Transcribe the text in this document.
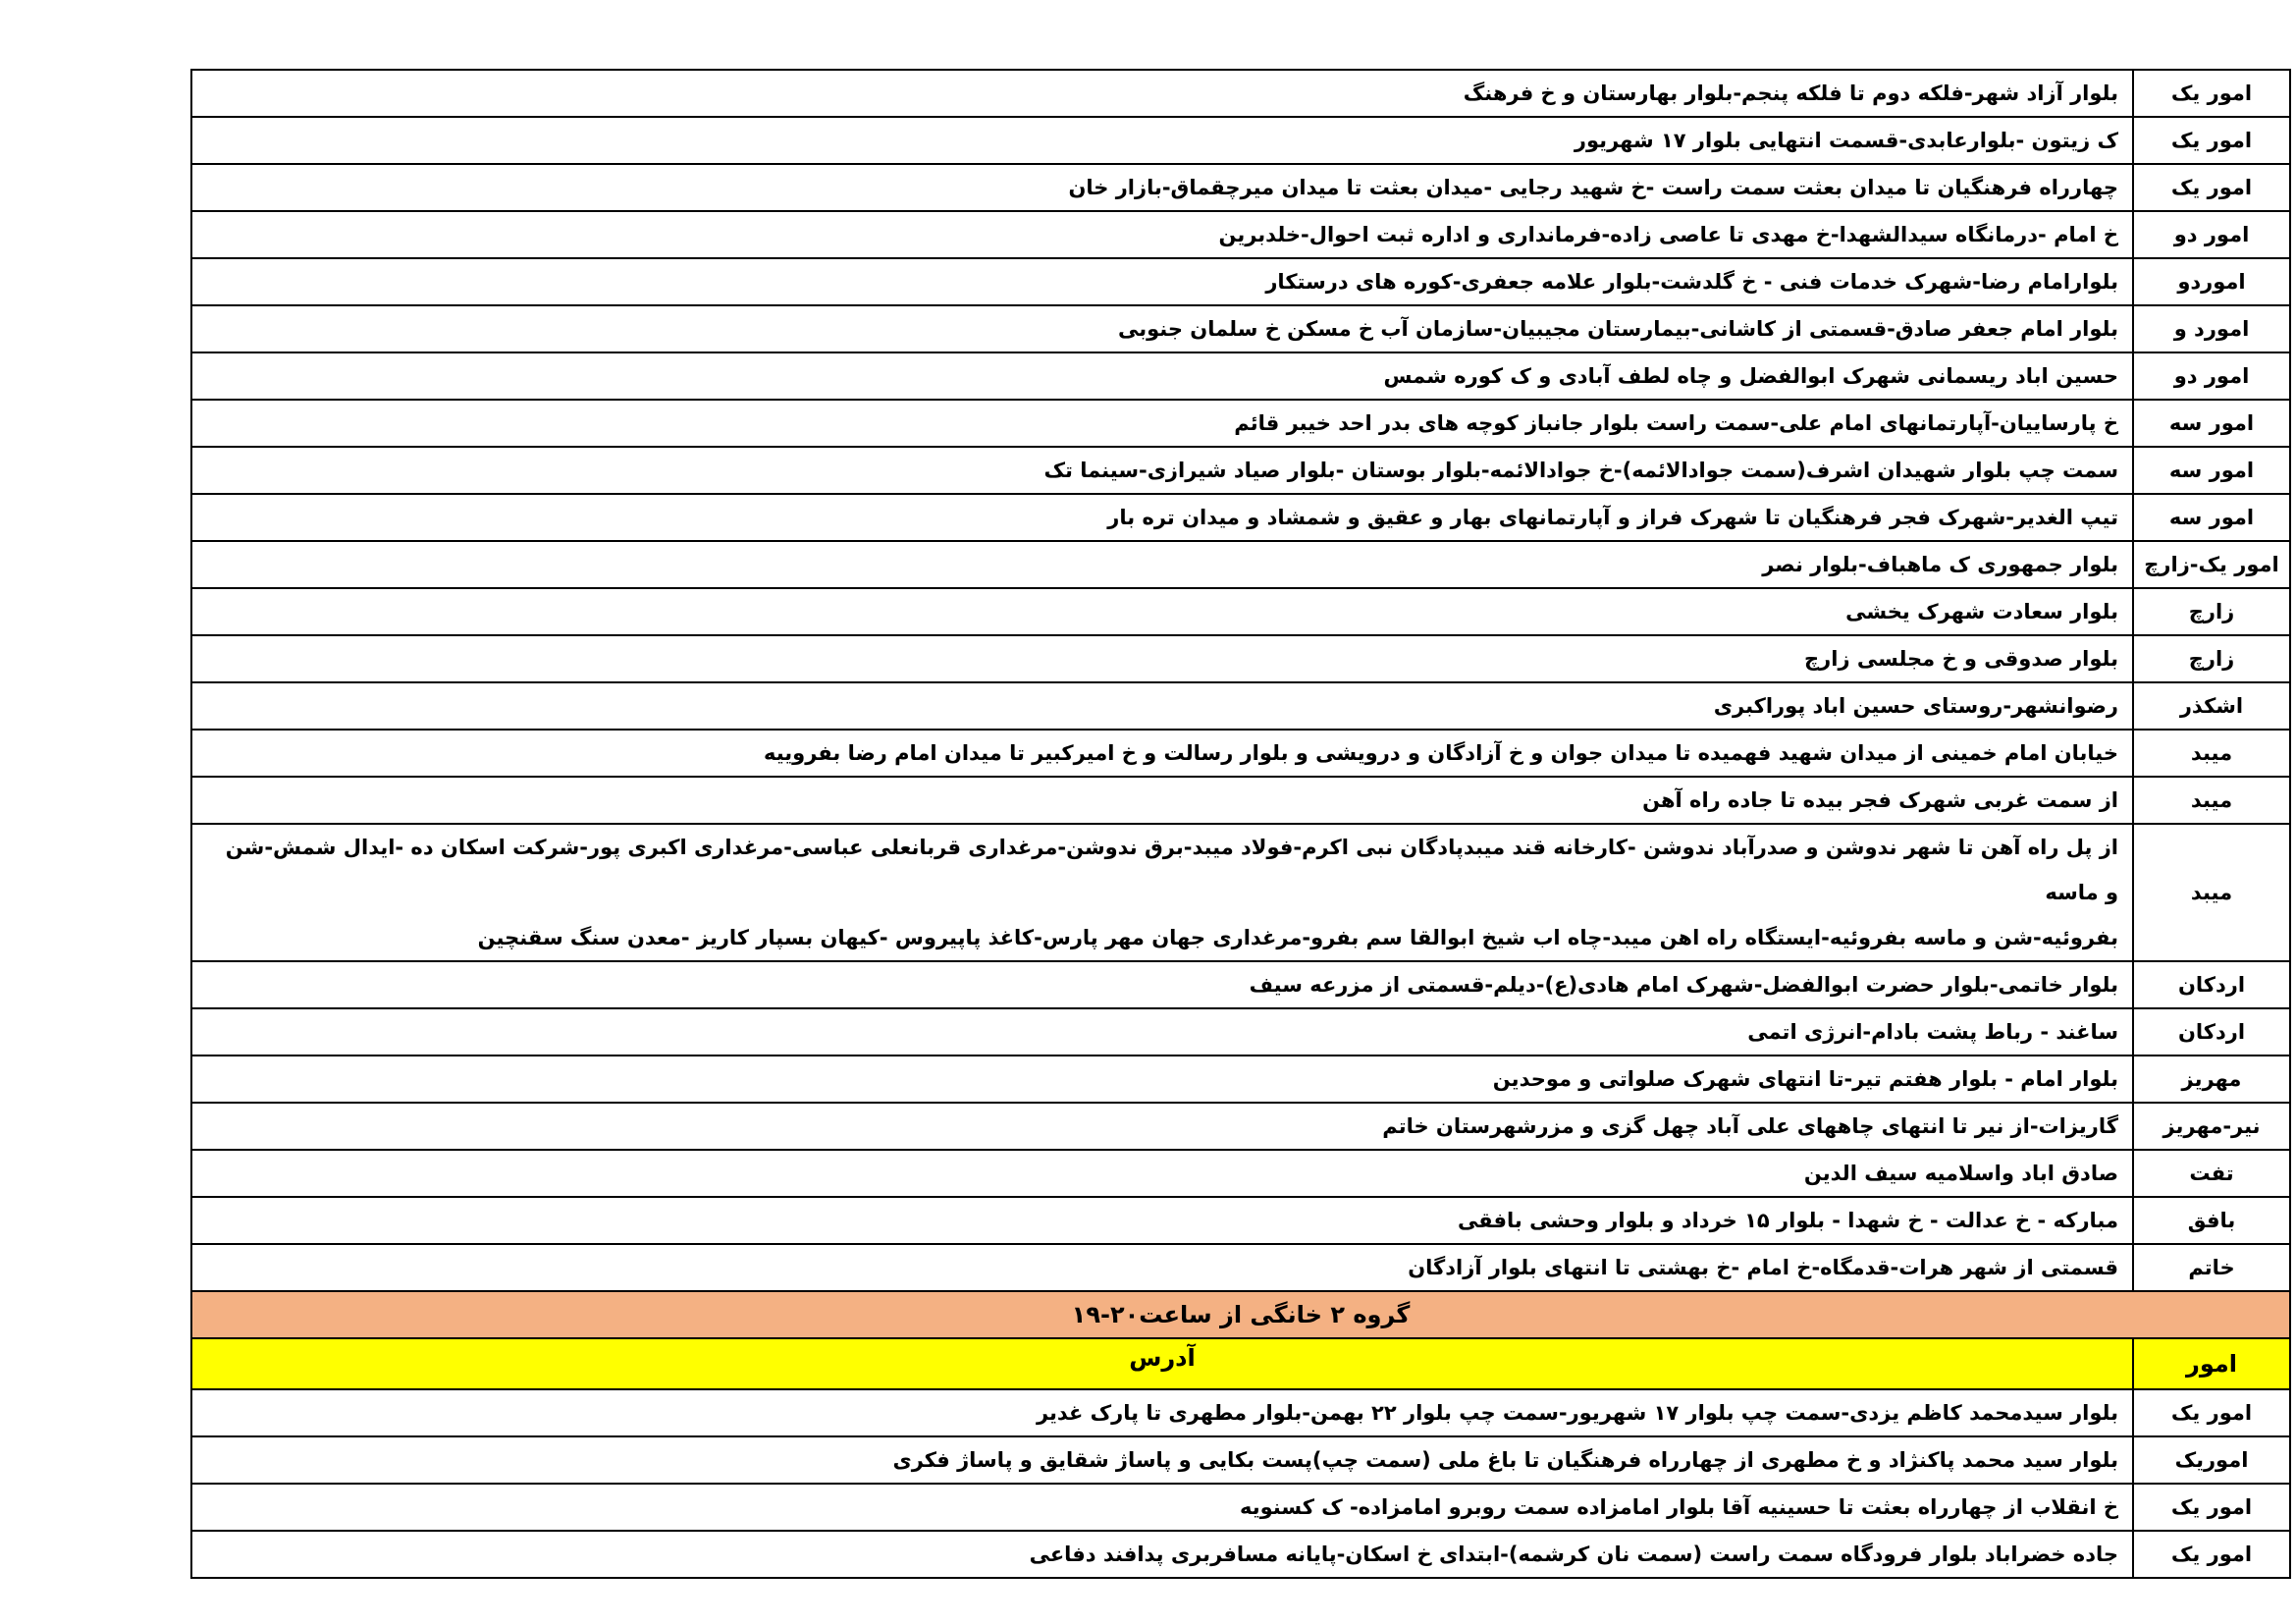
امور یک	بلوار آزاد شهر-فلکه دوم تا فلکه پنجم-بلوار بهارستان و خ فرهنگ
امور یک	ک زیتون -بلوارعابدی-قسمت انتهایی بلوار ۱۷ شهریور
امور یک	چهارراه فرهنگیان تا میدان بعثت سمت راست -خ شهید رجایی -میدان بعثت تا میدان میرچقماق-بازار خان
امور دو	خ امام -درمانگاه سیدالشهدا-خ مهدی تا عاصی زاده-فرمانداری و اداره ثبت احوال-خلدبرین
اموردو	بلوارامام رضا-شهرک خدمات فنی - خ گلدشت-بلوار علامه جعفری-کوره های درستکار
امورد و	بلوار امام جعفر صادق-قسمتی از کاشانی-بیمارستان مجیبیان-سازمان آب خ مسکن خ سلمان جنوبی
امور دو	حسین اباد ریسمانی شهرک ابوالفضل و چاه لطف آبادی و ک کوره شمس
امور سه	خ پارساییان-آپارتمانهای امام علی-سمت راست بلوار جانباز کوچه های بدر احد خیبر قائم
امور سه	سمت چپ بلوار شهیدان اشرف(سمت جوادالائمه)-خ جوادالائمه-بلوار بوستان -بلوار صیاد شیرازی-سینما تک
امور سه	تیپ الغدیر-شهرک فجر فرهنگیان تا شهرک فراز و آپارتمانهای بهار و عقیق و شمشاد و میدان تره بار
امور یک-زارچ	بلوار جمهوری ک ماهباف-بلوار نصر
زارچ	بلوار سعادت شهرک یخشی
زارچ	بلوار صدوقی و خ مجلسی زارچ
اشکذر	رضوانشهر-روستای حسین اباد پوراکبری
میبد	خیابان امام خمینی از میدان شهید فهمیده تا میدان جوان و خ آزادگان و درویشی و بلوار رسالت و خ امیرکبیر تا میدان امام رضا بفروییه
میبد	از سمت غربی شهرک فجر بیده تا جاده راه آهن
میبد	از پل راه آهن تا شهر ندوشن و صدرآباد ندوشن -کارخانه قند میبدپادگان نبی اکرم-فولاد میبد-برق ندوشن-مرغداری قربانعلی عباسی-مرغداری اکبری پور-شرکت اسکان ده -ایدال شمش-شن و ماسه
بفروئیه-شن و ماسه بفروئیه-ایستگاه راه اهن میبد-چاه اب شیخ ابوالقا سم بفرو-مرغداری جهان مهر پارس-کاغذ پاپیروس -کیهان بسپار کاریز -معدن سنگ سقنچین

اردکان	بلوار خاتمی-بلوار حضرت ابوالفضل-شهرک امام هادی(ع)-دیلم-قسمتی از مزرعه سیف
اردکان	ساغند - رباط پشت بادام-انرژی اتمی
مهریز	بلوار امام - بلوار هفتم تیر-تا انتهای شهرک صلواتی و موحدین
نیر-مهریز	گاریزات-از نیر تا انتهای چاههای علی آباد چهل گزی و مزرشهرستان خاتم
تفت	صادق اباد واسلامیه سیف الدین
بافق	مبارکه - خ عدالت - خ شهدا - بلوار ۱۵ خرداد و بلوار وحشی بافقی
خاتم	قسمتی از شهر هرات-قدمگاه-خ امام -خ بهشتی تا انتهای بلوار آزادگان
گروه ۲ خانگی از ساعت۲۰-۱۹	
امور	آدرس
امور یک	بلوار سیدمحمد کاظم یزدی-سمت چپ بلوار ۱۷ شهریور-سمت چپ بلوار ۲۲ بهمن-بلوار مطهری تا پارک غدیر
اموریک	بلوار سید محمد پاکنژاد و خ مطهری از چهارراه فرهنگیان تا باغ ملی (سمت چپ)پست بکایی و پاساژ شقایق و پاساژ فکری
امور یک	خ انقلاب از چهارراه بعثت تا حسینیه آقا بلوار امامزاده سمت روبرو امامزاده- ک کسنویه
امور یک	جاده خضراباد بلوار فرودگاه سمت راست (سمت نان کرشمه)-ابتدای خ اسکان-پایانه مسافربری پدافند دفاعی
